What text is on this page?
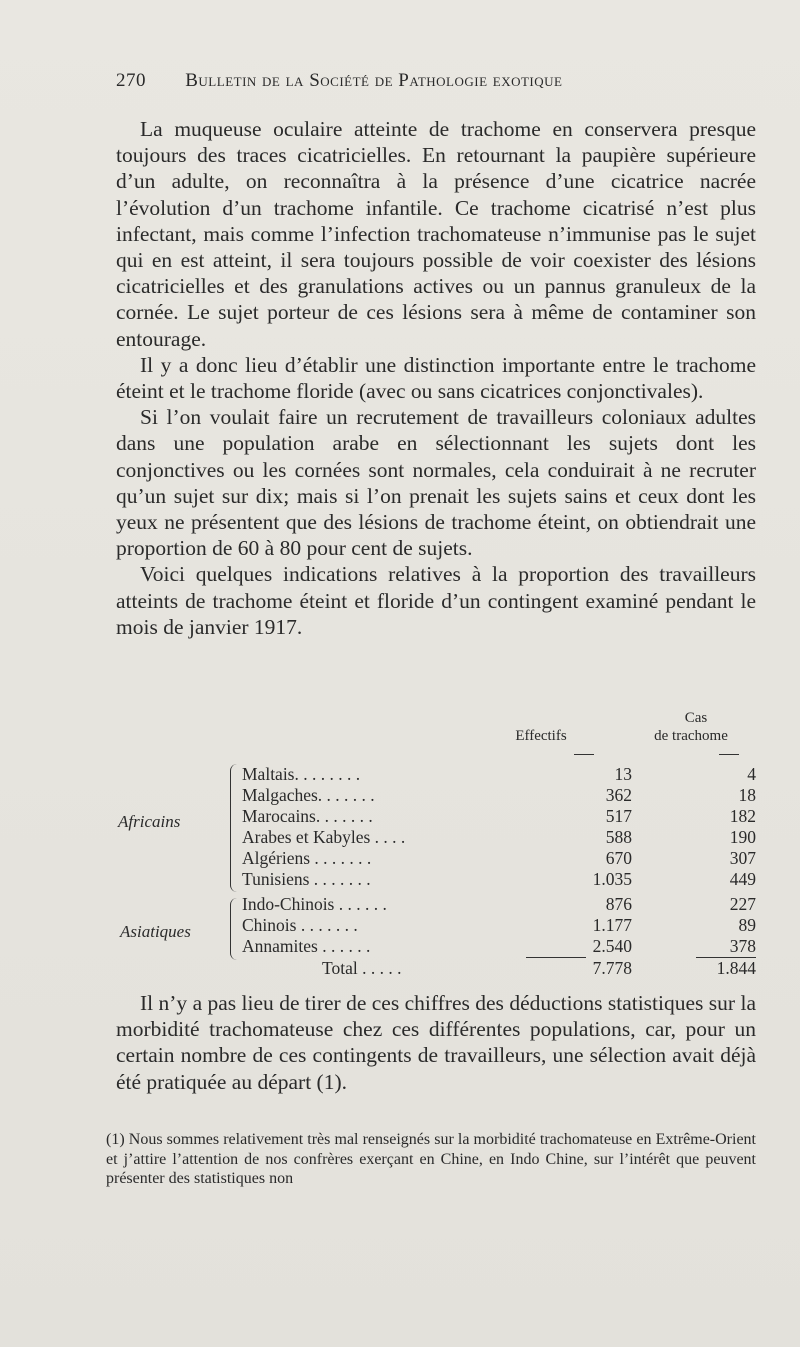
270 Bulletin de la Société de Pathologie exotique

La muqueuse oculaire atteinte de trachome en conservera presque toujours des traces cicatricielles. En retournant la paupière supérieure d’un adulte, on reconnaîtra à la présence d’une cicatrice nacrée l’évolution d’un trachome infantile. Ce trachome cicatrisé n’est plus infectant, mais comme l’infection trachomateuse n’immunise pas le sujet qui en est atteint, il sera toujours possible de voir coexister des lésions cicatricielles et des granulations actives ou un pannus granuleux de la cornée. Le sujet porteur de ces lésions sera à même de contaminer son entourage.

Il y a donc lieu d’établir une distinction importante entre le trachome éteint et le trachome floride (avec ou sans cicatrices conjonctivales).

Si l’on voulait faire un recrutement de travailleurs coloniaux adultes dans une population arabe en sélectionnant les sujets dont les conjonctives ou les cornées sont normales, cela conduirait à ne recruter qu’un sujet sur dix; mais si l’on prenait les sujets sains et ceux dont les yeux ne présentent que des lésions de trachome éteint, on obtiendrait une proportion de 60 à 80 pour cent de sujets.

Voici quelques indications relatives à la proportion des travailleurs atteints de trachome éteint et floride d’un contingent examiné pendant le mois de janvier 1917.

Effectifs
Cas
de trachome
Africains
Asiatiques
Maltais. . . . . . . .	13	4
Malgaches. . . . . . .	362	18
Marocains. . . . . . .	517	182
Arabes et Kabyles . . . .	588	190
Algériens . . . . . . .	670	307
Tunisiens . . . . . . .	1.035	449
Indo-Chinois . . . . . .	876	227
Chinois . . . . . . .	1.177	89
Annamites . . . . . .	2.540	378
Total . . . . .	7.778	1.844

Il n’y a pas lieu de tirer de ces chiffres des déductions statistiques sur la morbidité trachomateuse chez ces différentes populations, car, pour un certain nombre de ces contingents de travailleurs, une sélection avait déjà été pratiquée au départ (1).

(1) Nous sommes relativement très mal renseignés sur la morbidité trachomateuse en Extrême-Orient et j’attire l’attention de nos confrères exerçant en Chine, en Indo Chine, sur l’intérêt que peuvent présenter des statistiques non
